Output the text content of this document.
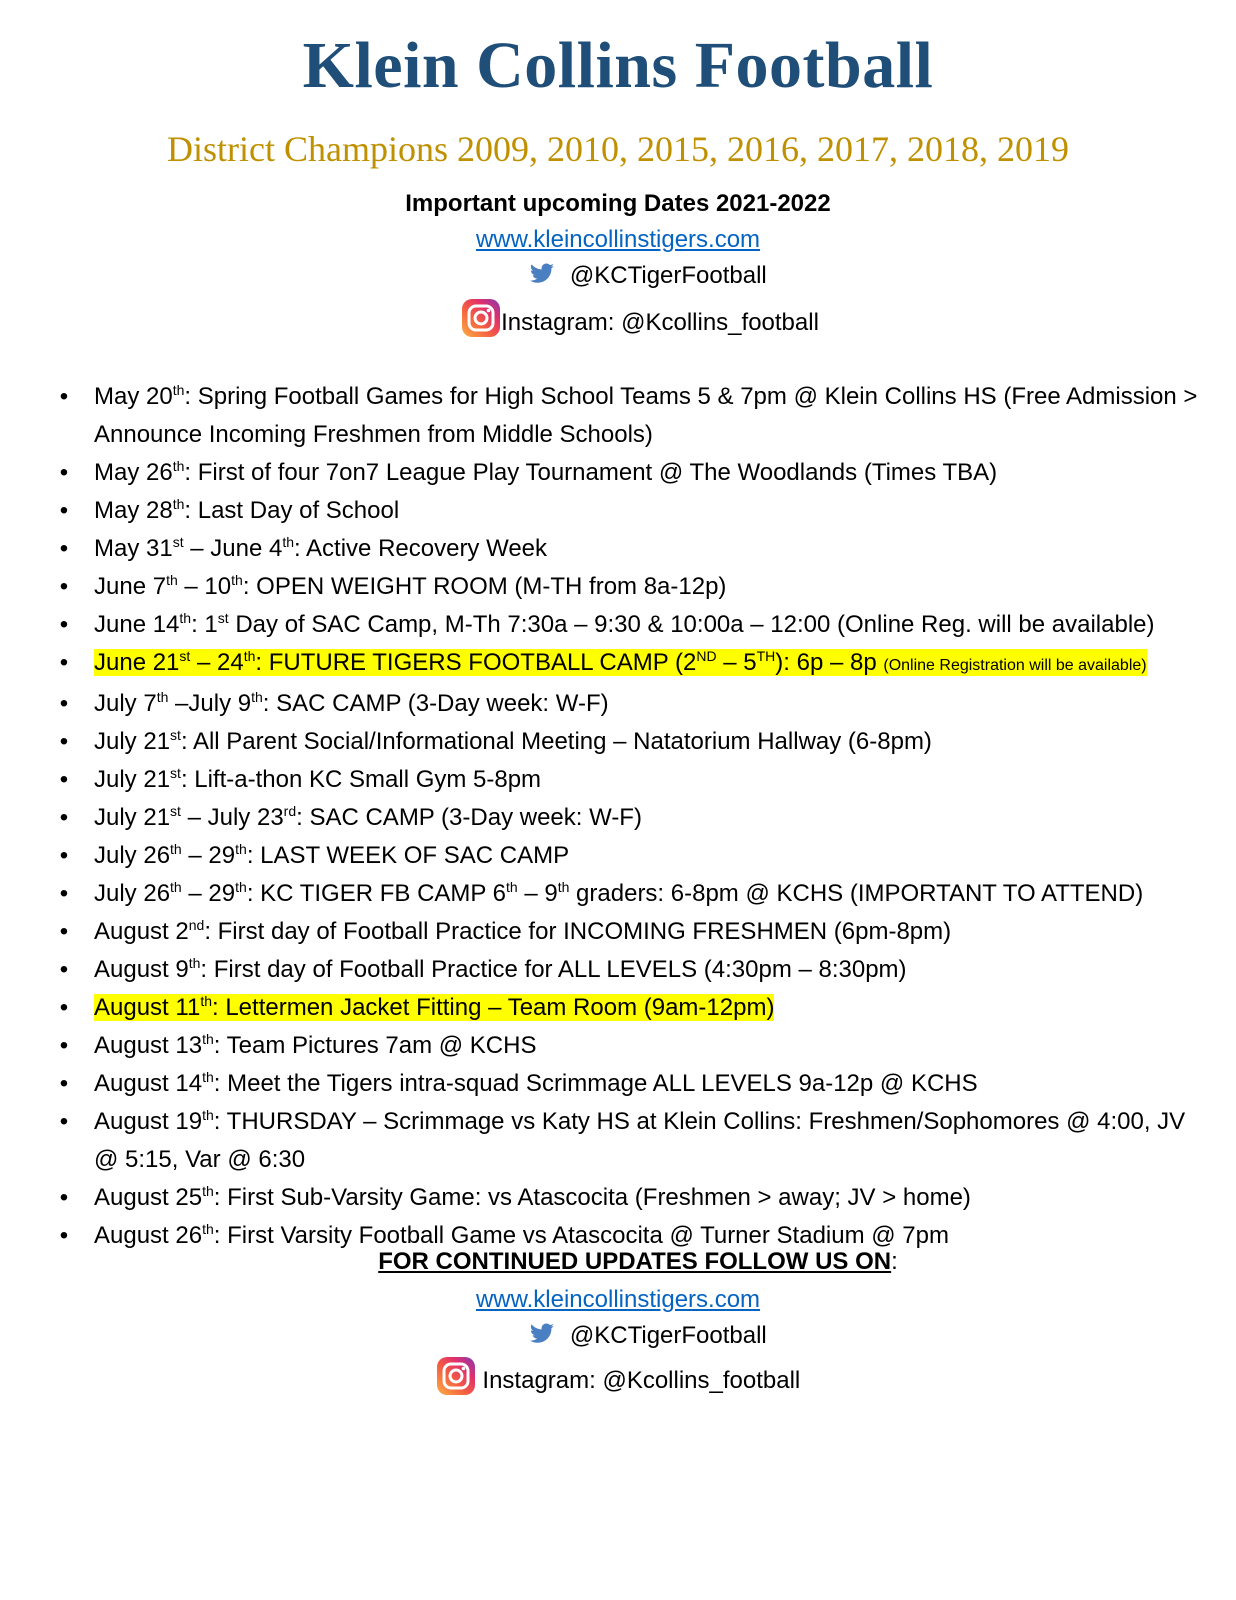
Klein Collins Football
District Champions 2009, 2010, 2015, 2016, 2017, 2018, 2019
Important upcoming Dates 2021-2022
www.kleincollinstigers.com
@KCTigerFootball
Instagram: @Kcollins_football
• May 20th: Spring Football Games for High School Teams 5 & 7pm @ Klein Collins HS (Free Admission > Announce Incoming Freshmen from Middle Schools)
• May 26th: First of four 7on7 League Play Tournament @ The Woodlands (Times TBA)
• May 28th: Last Day of School
• May 31st – June 4th: Active Recovery Week
• June 7th – 10th: OPEN WEIGHT ROOM (M-TH from 8a-12p)
• June 14th: 1st Day of SAC Camp, M-Th 7:30a – 9:30 & 10:00a – 12:00 (Online Reg. will be available)
• June 21st – 24th: FUTURE TIGERS FOOTBALL CAMP (2ND – 5TH): 6p – 8p (Online Registration will be available)
• July 7th –July 9th: SAC CAMP (3-Day week: W-F)
• July 21st: All Parent Social/Informational Meeting – Natatorium Hallway (6-8pm)
• July 21st: Lift-a-thon KC Small Gym 5-8pm
• July 21st – July 23rd: SAC CAMP (3-Day week: W-F)
• July 26th – 29th: LAST WEEK OF SAC CAMP
• July 26th – 29th: KC TIGER FB CAMP 6th – 9th graders: 6-8pm @ KCHS (IMPORTANT TO ATTEND)
• August 2nd: First day of Football Practice for INCOMING FRESHMEN (6pm-8pm)
• August 9th: First day of Football Practice for ALL LEVELS (4:30pm – 8:30pm)
• August 11th: Lettermen Jacket Fitting – Team Room (9am-12pm)
• August 13th: Team Pictures 7am @ KCHS
• August 14th: Meet the Tigers intra-squad Scrimmage ALL LEVELS 9a-12p @ KCHS
• August 19th: THURSDAY – Scrimmage vs Katy HS at Klein Collins: Freshmen/Sophomores @ 4:00, JV @ 5:15, Var @ 6:30
• August 25th: First Sub-Varsity Game: vs Atascocita (Freshmen > away; JV > home)
• August 26th: First Varsity Football Game vs Atascocita @ Turner Stadium @ 7pm
FOR CONTINUED UPDATES FOLLOW US ON:
www.kleincollinstigers.com
@KCTigerFootball
Instagram: @Kcollins_football
